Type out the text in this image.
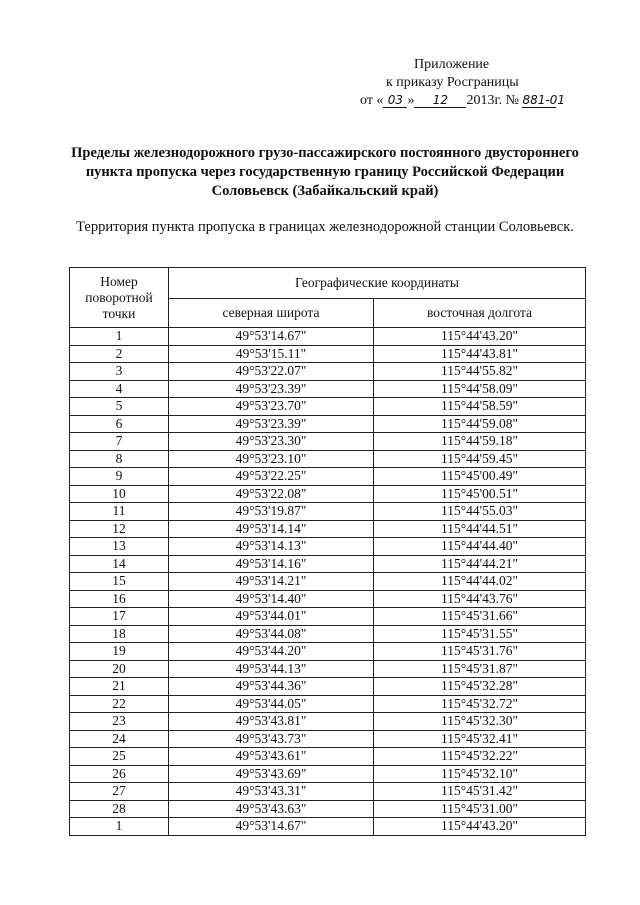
Приложение
к приказу Росграницы
от « 03 » 12 2013г. № 881-01
Пределы железнодорожного грузо-пассажирского постоянного двустороннего пункта пропуска через государственную границу Российской Федерации Соловьевск (Забайкальский край)
Территория пункта пропуска в границах железнодорожной станции Соловьевск.
Номер поворотной точки	Географические координаты	
	северная широта	восточная долгота
1	49°53'14.67"	115°44'43.20"
2	49°53'15.11"	115°44'43.81"
3	49°53'22.07"	115°44'55.82"
4	49°53'23.39"	115°44'58.09"
5	49°53'23.70"	115°44'58.59"
6	49°53'23.39"	115°44'59.08"
7	49°53'23.30"	115°44'59.18"
8	49°53'23.10"	115°44'59.45"
9	49°53'22.25"	115°45'00.49"
10	49°53'22.08"	115°45'00.51"
11	49°53'19.87"	115°44'55.03"
12	49°53'14.14"	115°44'44.51"
13	49°53'14.13"	115°44'44.40"
14	49°53'14.16"	115°44'44.21"
15	49°53'14.21"	115°44'44.02"
16	49°53'14.40"	115°44'43.76"
17	49°53'44.01"	115°45'31.66"
18	49°53'44.08"	115°45'31.55"
19	49°53'44.20"	115°45'31.76"
20	49°53'44.13"	115°45'31.87"
21	49°53'44.36"	115°45'32.28"
22	49°53'44.05"	115°45'32.72"
23	49°53'43.81"	115°45'32.30"
24	49°53'43.73"	115°45'32.41"
25	49°53'43.61"	115°45'32.22"
26	49°53'43.69"	115°45'32.10"
27	49°53'43.31"	115°45'31.42"
28	49°53'43.63"	115°45'31.00"
1	49°53'14.67"	115°44'43.20"
